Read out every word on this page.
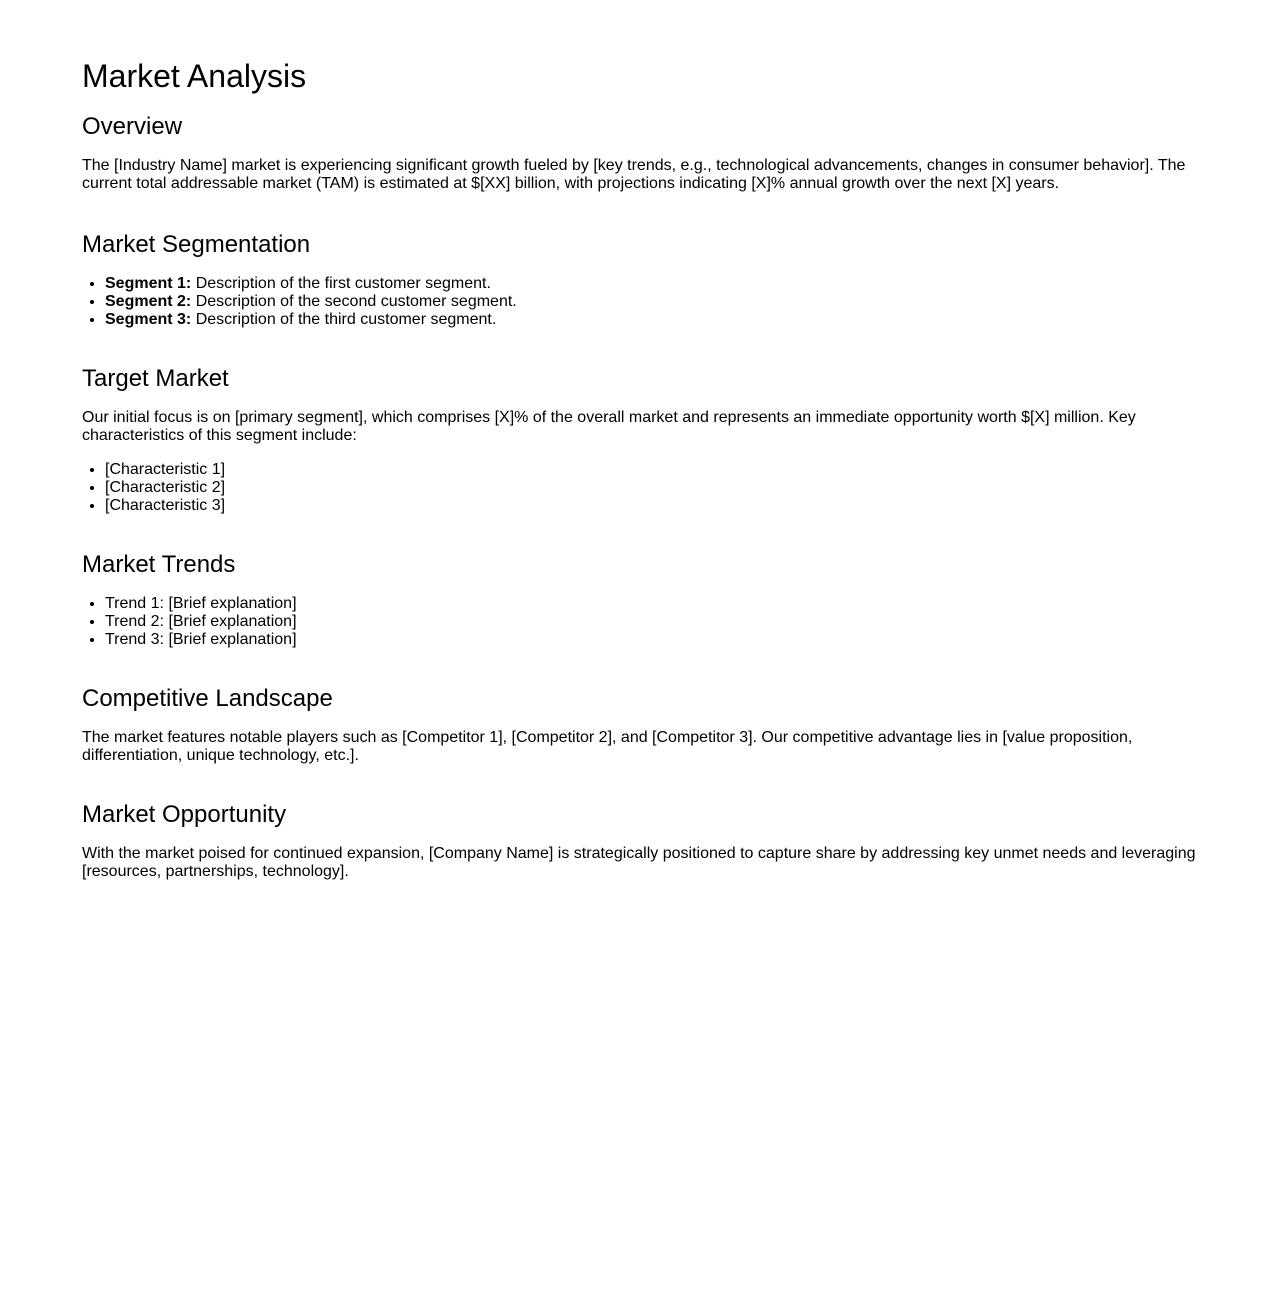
Market Analysis
Overview

The [Industry Name] market is experiencing significant growth fueled by [key trends, e.g., technological advancements, changes in consumer behavior]. The current total addressable market (TAM) is estimated at $[XX] billion, with projections indicating [X]% annual growth over the next [X] years.

Market Segmentation
• Segment 1: Description of the first customer segment.
• Segment 2: Description of the second customer segment.
• Segment 3: Description of the third customer segment.
Target Market

Our initial focus is on [primary segment], which comprises [X]% of the overall market and represents an immediate opportunity worth $[X] million. Key characteristics of this segment include:

• [Characteristic 1]
• [Characteristic 2]
• [Characteristic 3]
Market Trends
• Trend 1: [Brief explanation]
• Trend 2: [Brief explanation]
• Trend 3: [Brief explanation]
Competitive Landscape

The market features notable players such as [Competitor 1], [Competitor 2], and [Competitor 3]. Our competitive advantage lies in [value proposition, differentiation, unique technology, etc.].

Market Opportunity

With the market poised for continued expansion, [Company Name] is strategically positioned to capture share by addressing key unmet needs and leveraging [resources, partnerships, technology].
